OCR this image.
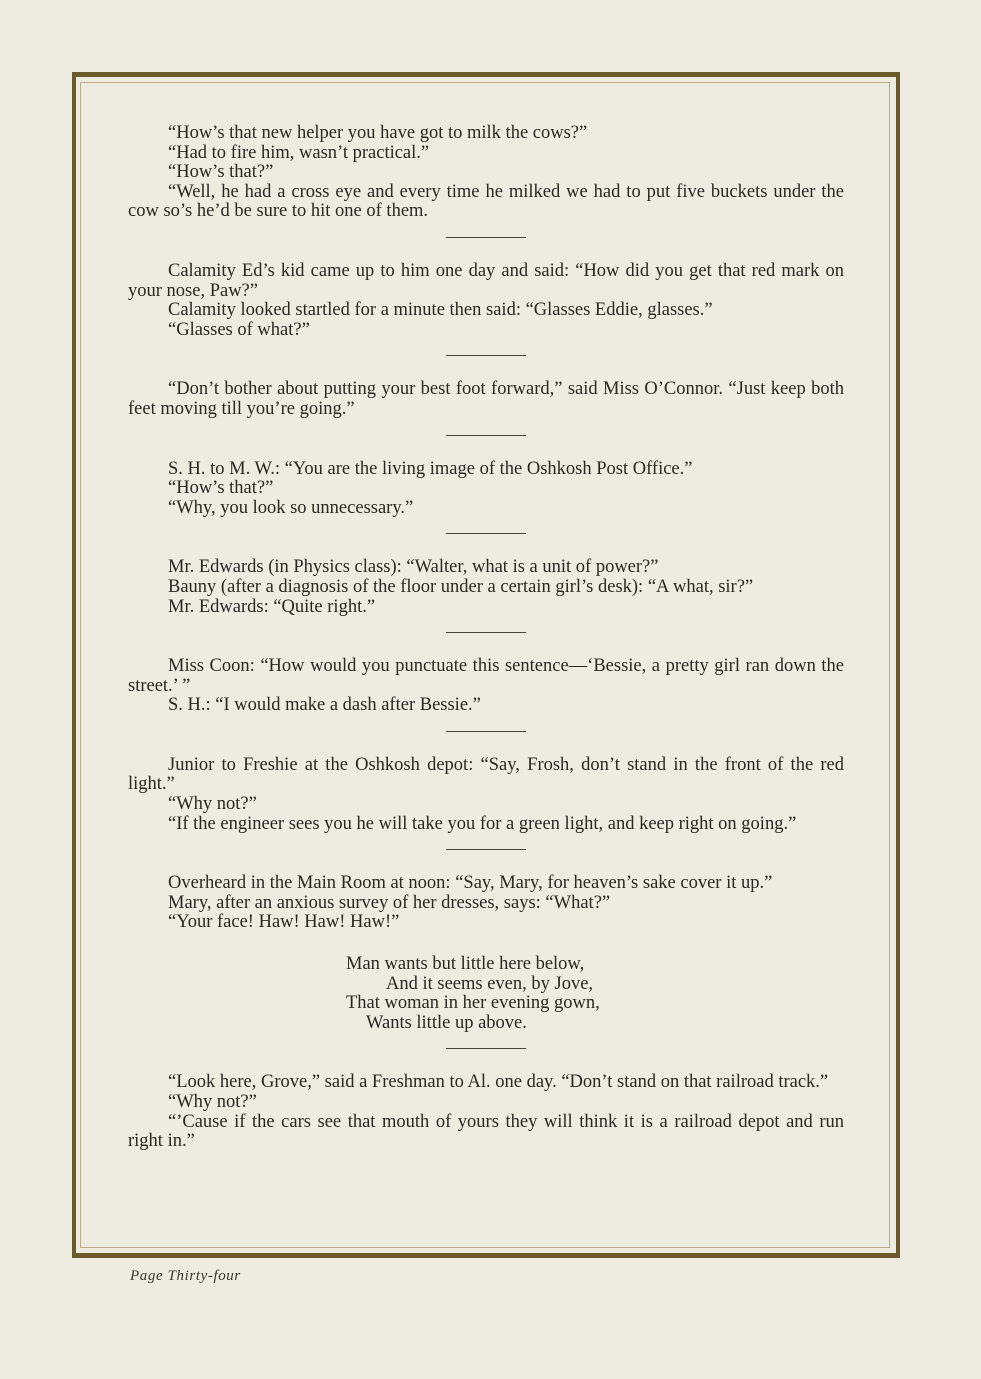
“How’s that new helper you have got to milk the cows?”

“Had to fire him, wasn’t practical.”

“How’s that?”

“Well, he had a cross eye and every time he milked we had to put five buckets under the cow so’s he’d be sure to hit one of them.

Calamity Ed’s kid came up to him one day and said: “How did you get that red mark on your nose, Paw?”

Calamity looked startled for a minute then said: “Glasses Eddie, glasses.”

“Glasses of what?”

“Don’t bother about putting your best foot forward,” said Miss O’Connor. “Just keep both feet moving till you’re going.”

S. H. to M. W.: “You are the living image of the Oshkosh Post Office.”

“How’s that?”

“Why, you look so unnecessary.”

Mr. Edwards (in Physics class): “Walter, what is a unit of power?”

Bauny (after a diagnosis of the floor under a certain girl’s desk): “A what, sir?”

Mr. Edwards: “Quite right.”

Miss Coon: “How would you punctuate this sentence—‘Bessie, a pretty girl ran down the street.’ ”

S. H.: “I would make a dash after Bessie.”

Junior to Freshie at the Oshkosh depot: “Say, Frosh, don’t stand in the front of the red light.”

“Why not?”

“If the engineer sees you he will take you for a green light, and keep right on going.”

Overheard in the Main Room at noon: “Say, Mary, for heaven’s sake cover it up.”

Mary, after an anxious survey of her dresses, says: “What?”

“Your face! Haw! Haw! Haw!”

Man wants but little here below,
And it seems even, by Jove,
That woman in her evening gown,
Wants little up above.

“Look here, Grove,” said a Freshman to Al. one day. “Don’t stand on that railroad track.”

“Why not?”

“’Cause if the cars see that mouth of yours they will think it is a railroad depot and run right in.”

Page Thirty-four
